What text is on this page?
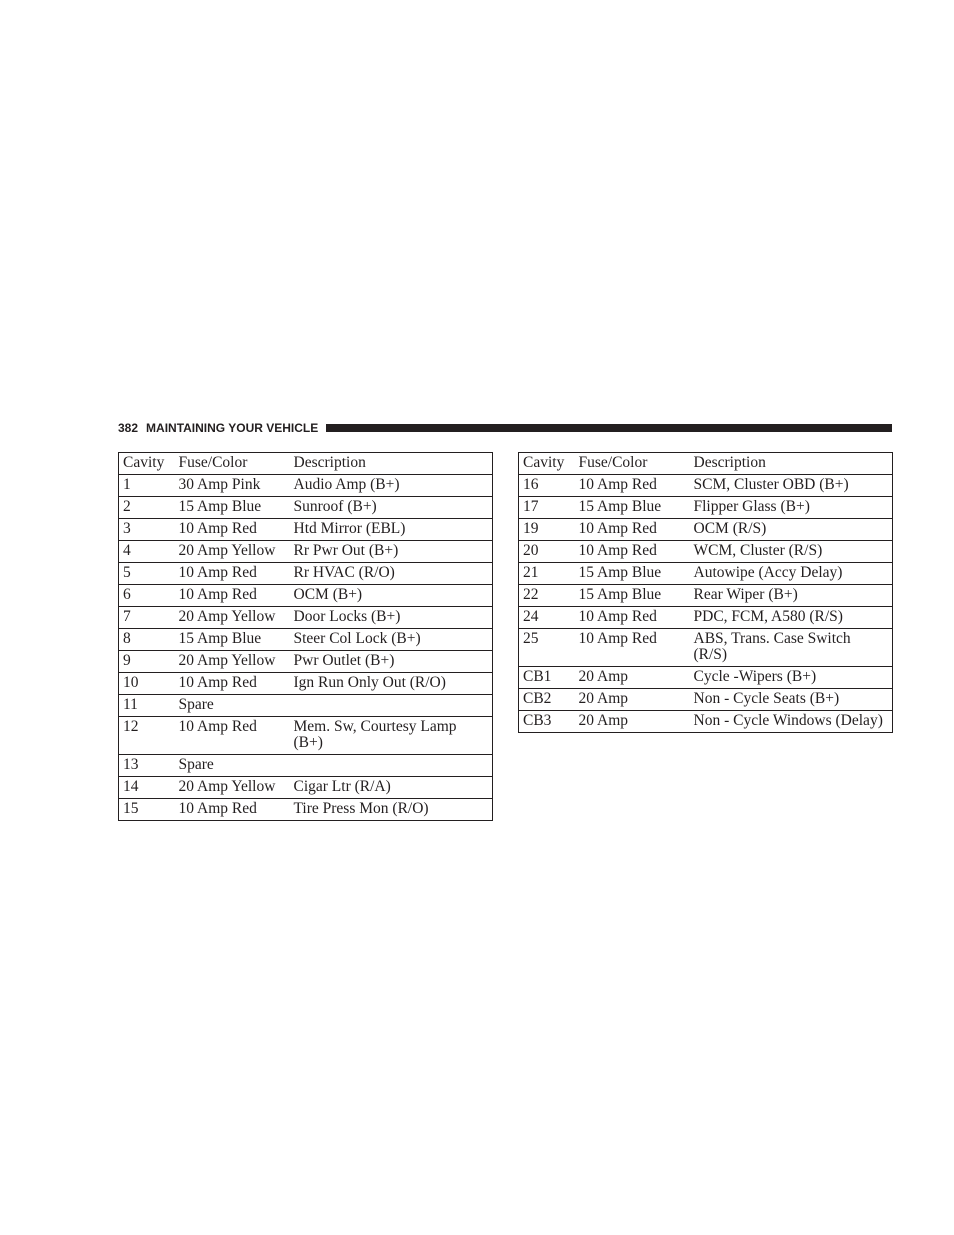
382 MAINTAINING YOUR VEHICLE
Cavity	Fuse/Color	Description
1	30 Amp Pink	Audio Amp (B+)
2	15 Amp Blue	Sunroof (B+)
3	10 Amp Red	Htd Mirror (EBL)
4	20 Amp Yellow	Rr Pwr Out (B+)
5	10 Amp Red	Rr HVAC (R/O)
6	10 Amp Red	OCM (B+)
7	20 Amp Yellow	Door Locks (B+)
8	15 Amp Blue	Steer Col Lock (B+)
9	20 Amp Yellow	Pwr Outlet (B+)
10	10 Amp Red	Ign Run Only Out (R/O)
11	Spare	
12	10 Amp Red	Mem. Sw, Courtesy Lamp (B+)
13	Spare	
14	20 Amp Yellow	Cigar Ltr (R/A)
15	10 Amp Red	Tire Press Mon (R/O)
Cavity	Fuse/Color	Description
16	10 Amp Red	SCM, Cluster OBD (B+)
17	15 Amp Blue	Flipper Glass (B+)
19	10 Amp Red	OCM (R/S)
20	10 Amp Red	WCM, Cluster (R/S)
21	15 Amp Blue	Autowipe (Accy Delay)
22	15 Amp Blue	Rear Wiper (B+)
24	10 Amp Red	PDC, FCM, A580 (R/S)
25	10 Amp Red	ABS, Trans. Case Switch (R/S)
CB1	20 Amp	Cycle -Wipers (B+)
CB2	20 Amp	Non - Cycle Seats (B+)
CB3	20 Amp	Non - Cycle Windows (Delay)
